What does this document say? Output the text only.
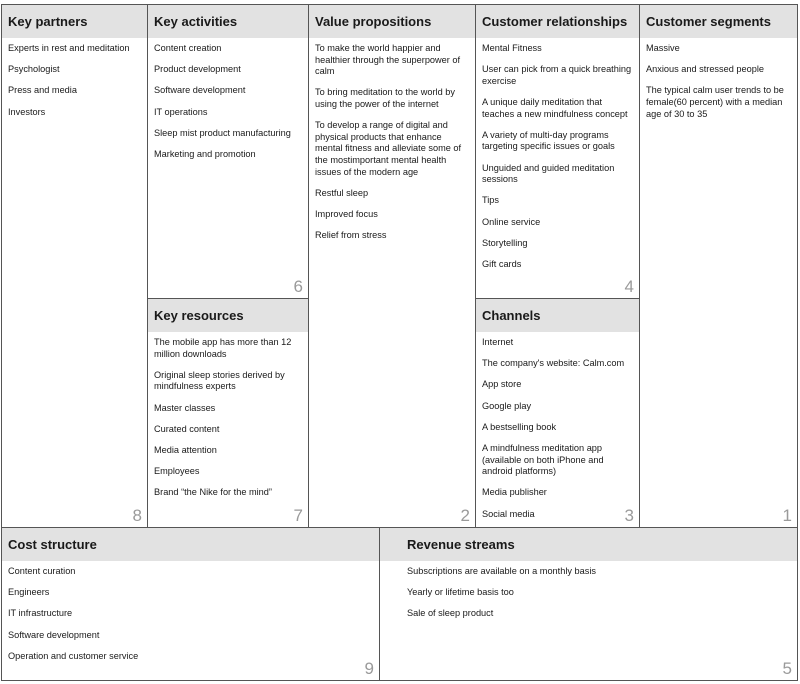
Key partners
Experts in rest and meditation
Psychologist
Press and media
Investors
8
Key activities
Content creation
Product development
Software development
IT operations
Sleep mist product manufacturing
Marketing and promotion
6
Key resources
The mobile app has more than 12 million downloads
Original sleep stories derived by mindfulness experts
Master classes
Curated content
Media attention
Employees
Brand “the Nike for the mind”
7
Value propositions
To make the world happier and healthier through the superpower of calm
To bring meditation to the world by using the power of the internet
To develop a range of digital and physical products that enhance mental fitness and alleviate some of the mostimportant mental health issues of the modern age
Restful sleep
Improved focus
Relief from stress
2
Customer relationships
Mental Fitness
User can pick from a quick breathing exercise
A unique daily meditation that teaches a new mindfulness concept
A variety of multi-day programs targeting specific issues or goals
Unguided and guided meditation sessions
Tips
Online service
Storytelling
Gift cards
4
Channels
Internet
The company's website: Calm.com
App store
Google play
A bestselling book
A mindfulness meditation app (available on both iPhone and android platforms)
Media publisher
Social media	3
Customer segments
Massive
Anxious and stressed people
The typical calm user trends to be female(60 percent) with a median age of 30 to 35
1
Cost structure
Content curation
Engineers
IT infrastructure
Software development
Operation and customer service
9
Revenue streams
Subscriptions are available on a monthly basis
Yearly or lifetime basis too
Sale of sleep product
5
